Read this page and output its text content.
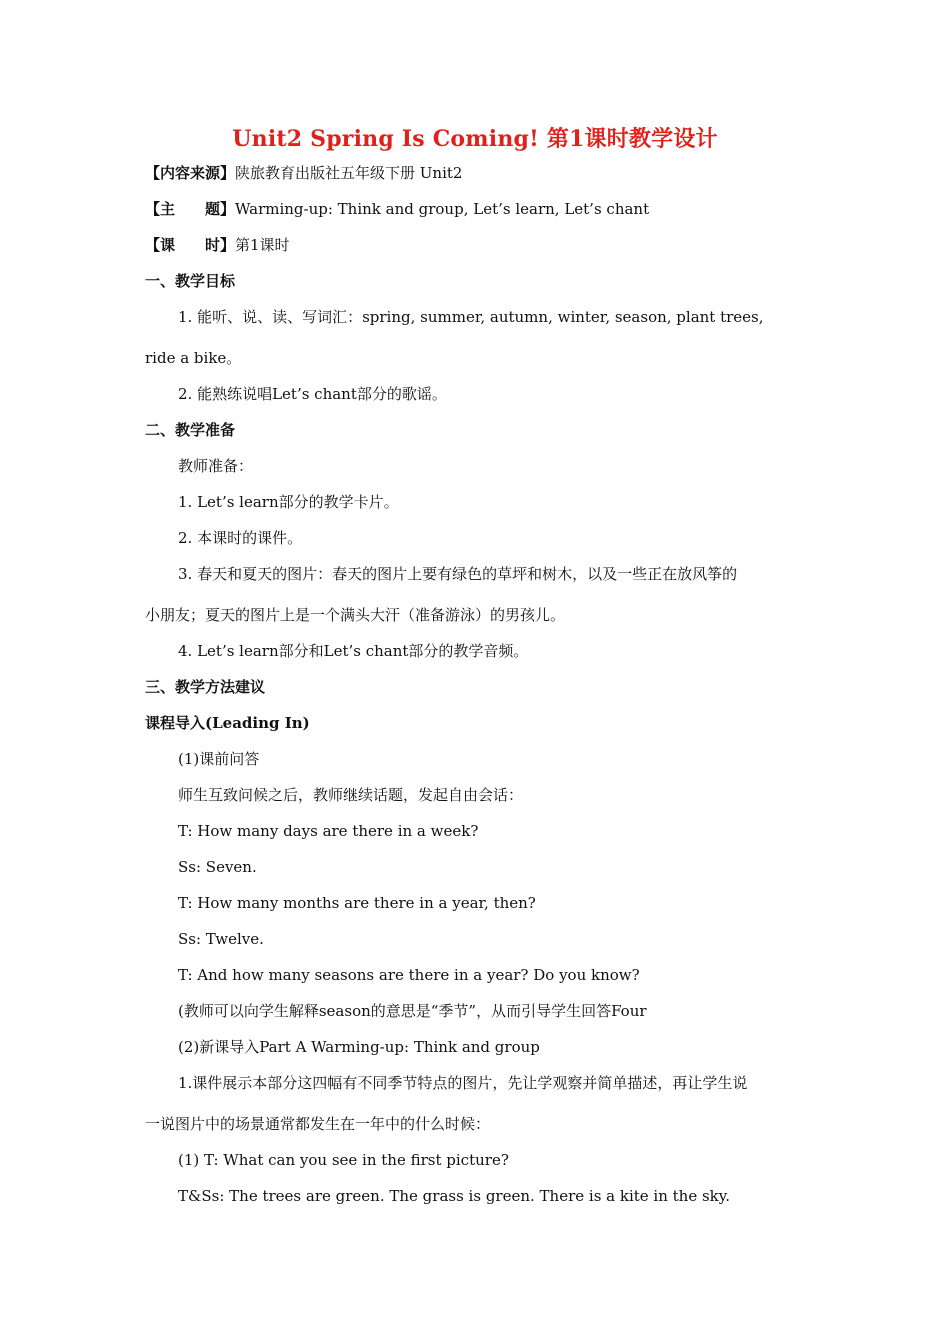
Unit2 Spring Is Coming! 第1课时教学设计
【内容来源】陕旅教育出版社五年级下册 Unit2
【主　　题】Warming-up: Think and group, Let’s learn, Let’s chant
【课　　时】第1课时
一、教学目标
1. 能听、说、读、写词汇：spring, summer, autumn, winter, season, plant trees,
ride a bike。
2. 能熟练说唱Let’s chant部分的歌谣。
二、教学准备
教师准备：
1. Let’s learn部分的教学卡片。
2. 本课时的课件。
3. 春天和夏天的图片：春天的图片上要有绿色的草坪和树木，以及一些正在放风筝的
小朋友；夏天的图片上是一个满头大汗（准备游泳）的男孩儿。
4. Let’s learn部分和Let’s chant部分的教学音频。
三、教学方法建议
课程导入(Leading In)
(1)课前问答
师生互致问候之后，教师继续话题，发起自由会话：
T: How many days are there in a week?
Ss: Seven.
T: How many months are there in a year, then?
Ss: Twelve.
T: And how many seasons are there in a year? Do you know?
(教师可以向学生解释season的意思是“季节”，从而引导学生回答Four
(2)新课导入Part A Warming-up: Think and group
1.课件展示本部分这四幅有不同季节特点的图片，先让学观察并简单描述，再让学生说
一说图片中的场景通常都发生在一年中的什么时候：
(1) T: What can you see in the first picture?
T&Ss: The trees are green. The grass is green. There is a kite in the sky.
